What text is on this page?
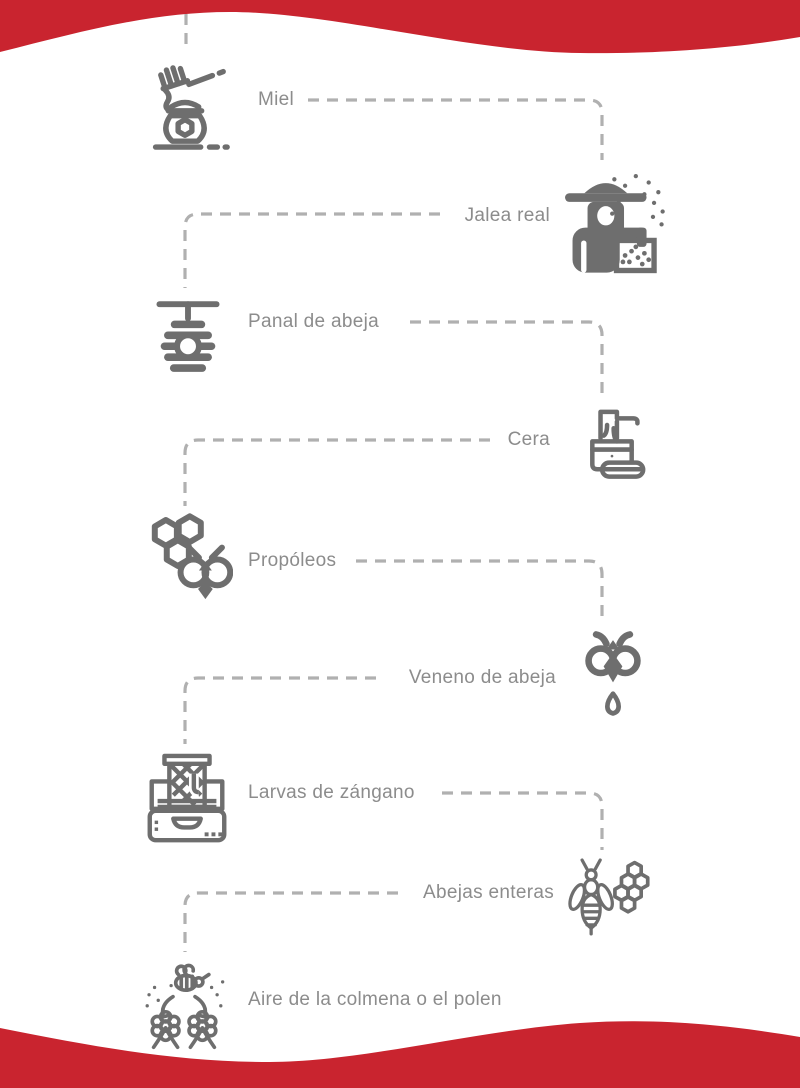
Miel
Jalea real
Panal de abeja
Cera
Propóleos
Veneno de abeja
Larvas de zángano
Abejas enteras
Aire de la colmena o el polen
